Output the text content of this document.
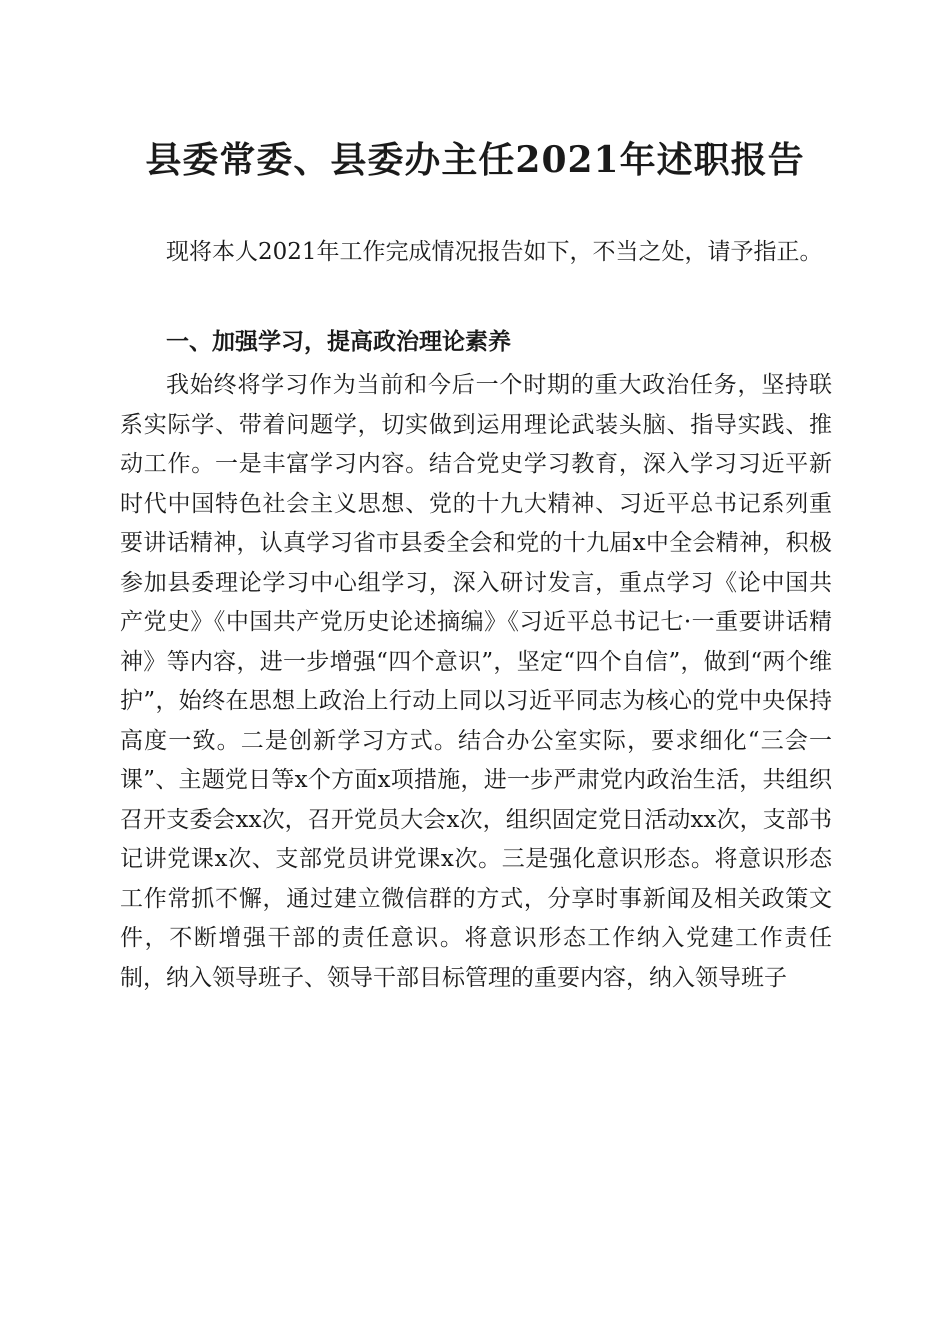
县委常委、县委办主任2021年述职报告

现将本人2021年工作完成情况报告如下，不当之处，请予指正。

一、加强学习，提高政治理论素养

我始终将学习作为当前和今后一个时期的重大政治任务，坚持联系实际学、带着问题学，切实做到运用理论武装头脑、指导实践、推动工作。一是丰富学习内容。结合党史学习教育，深入学习习近平新时代中国特色社会主义思想、党的十九大精神、习近平总书记系列重要讲话精神，认真学习省市县委全会和党的十九届x中全会精神，积极参加县委理论学习中心组学习，深入研讨发言，重点学习《论中国共产党史》《中国共产党历史论述摘编》《习近平总书记七·一重要讲话精神》等内容，进一步增强“四个意识”，坚定“四个自信”，做到“两个维护”，始终在思想上政治上行动上同以习近平同志为核心的党中央保持高度一致。二是创新学习方式。结合办公室实际，要求细化“三会一课”、主题党日等x个方面x项措施，进一步严肃党内政治生活，共组织召开支委会xx次，召开党员大会x次，组织固定党日活动xx次，支部书记讲党课x次、支部党员讲党课x次。三是强化意识形态。将意识形态工作常抓不懈，通过建立微信群的方式，分享时事新闻及相关政策文件，不断增强干部的责任意识。将意识形态工作纳入党建工作责任制，纳入领导班子、领导干部目标管理的重要内容，纳入领导班子
